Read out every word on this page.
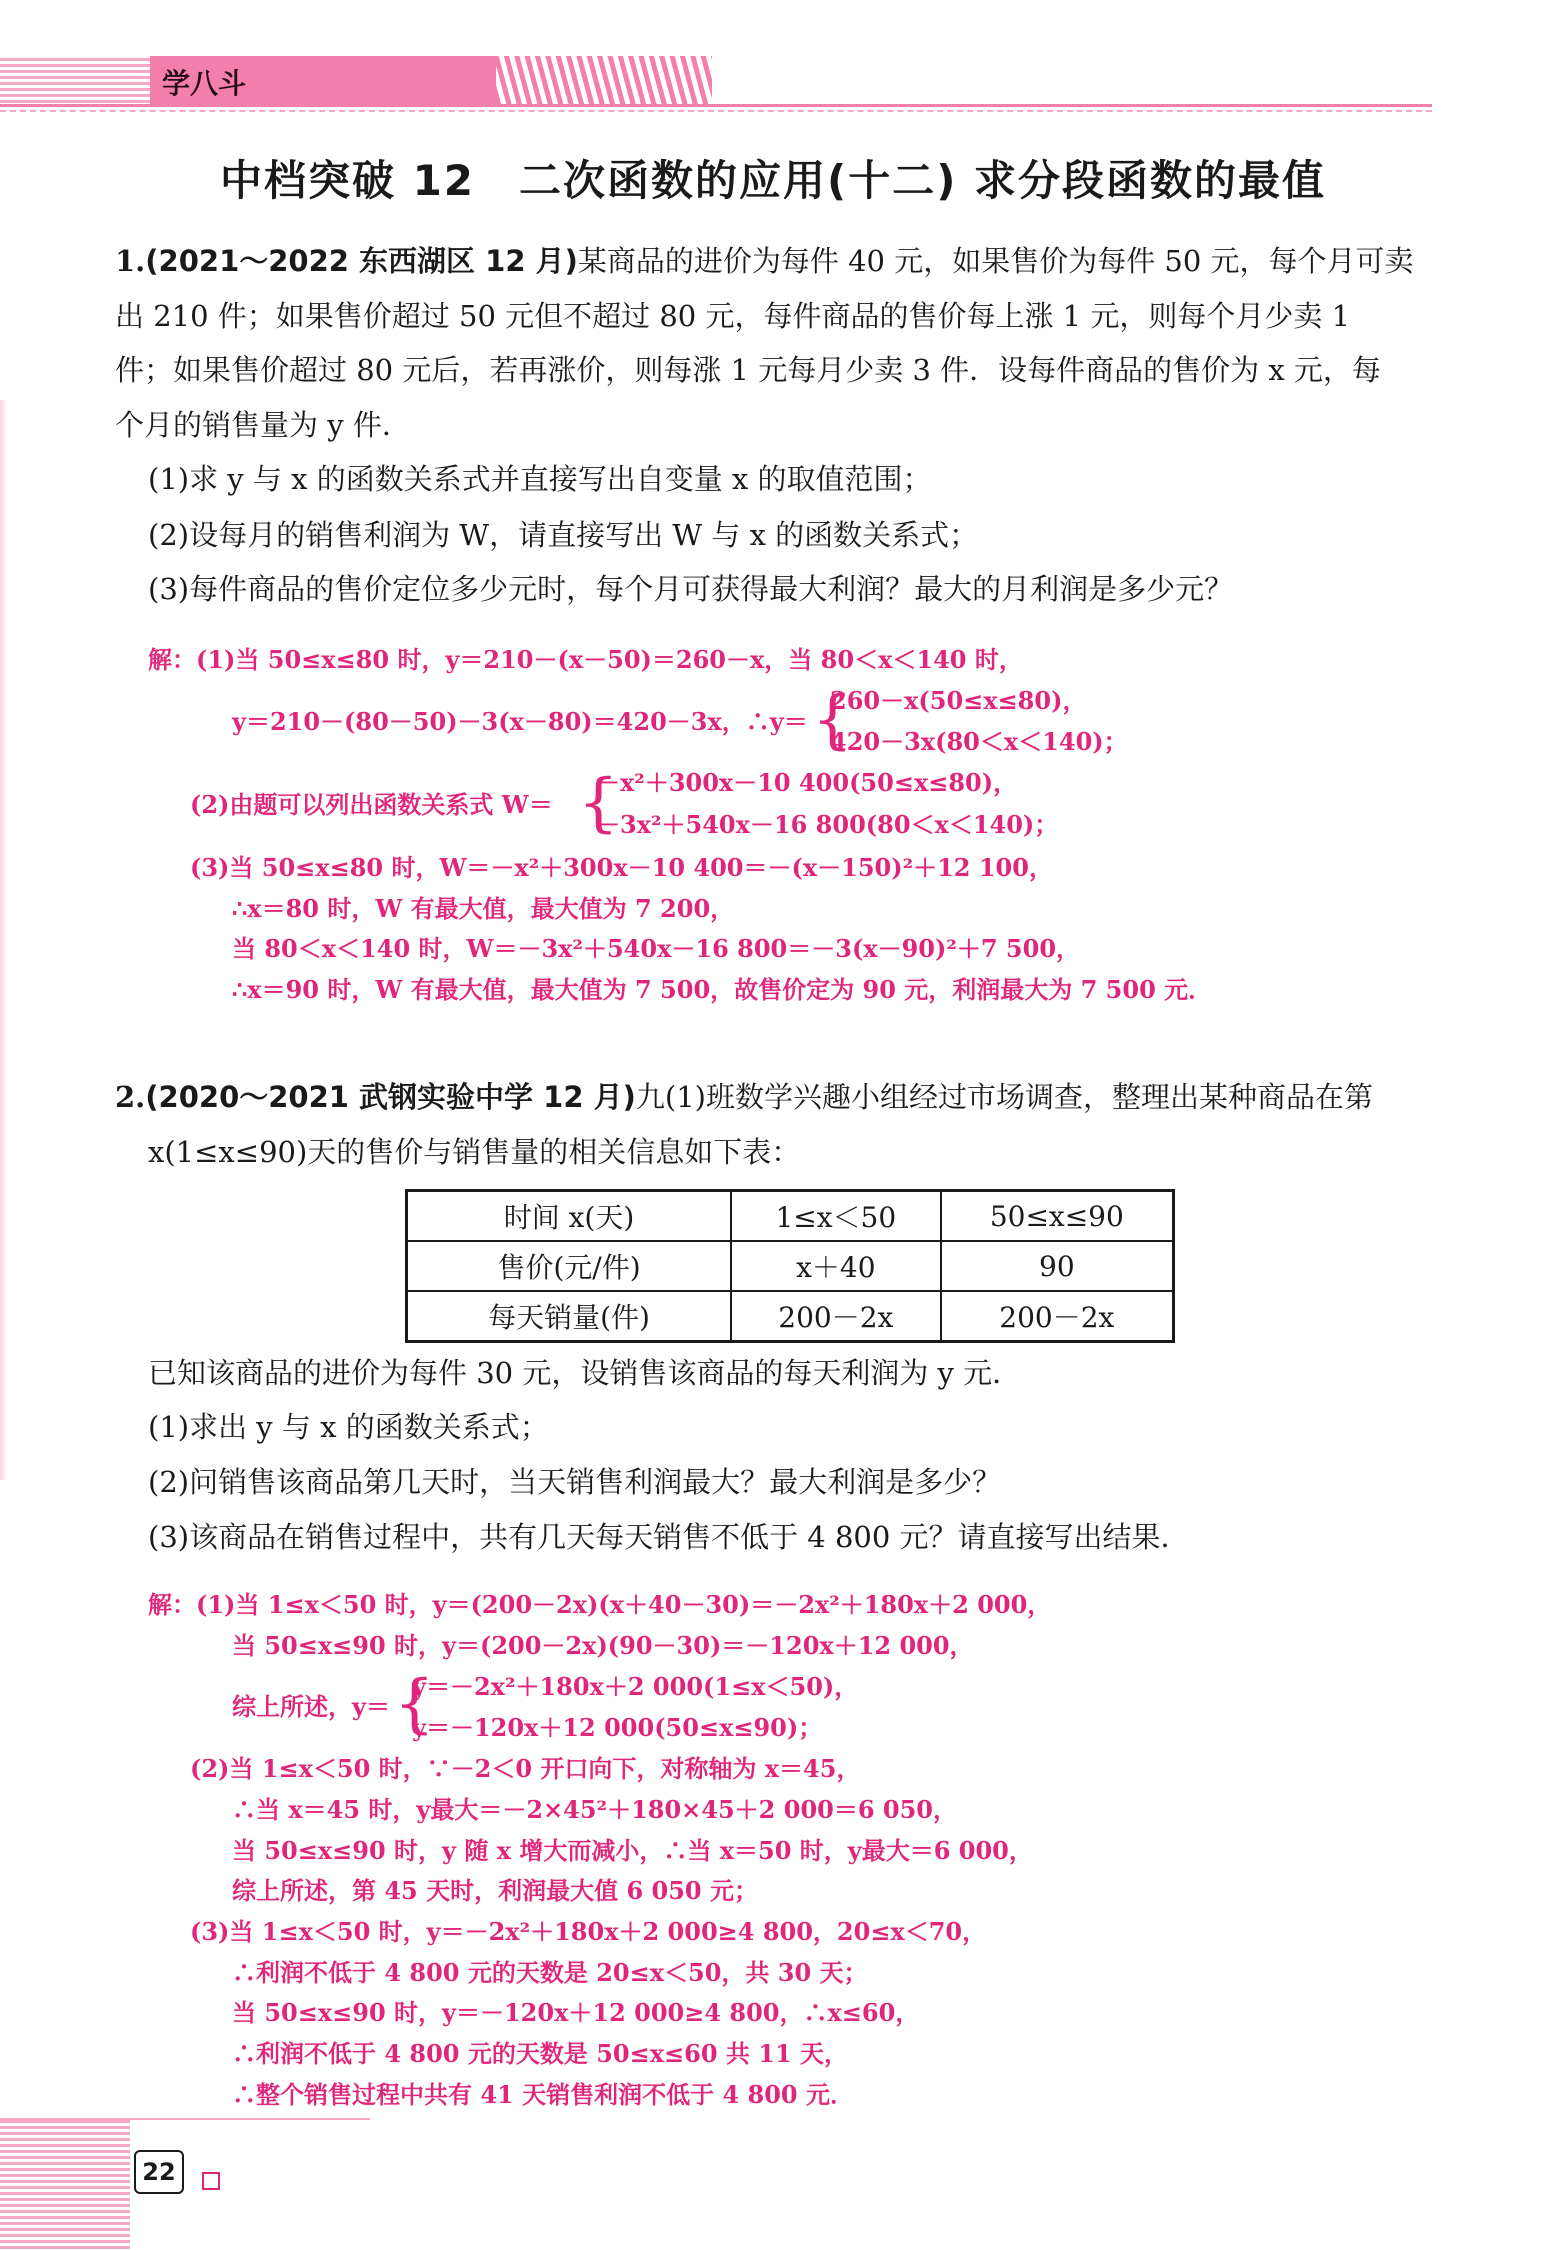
学八斗
中档突破 12　二次函数的应用(十二) 求分段函数的最值
1.(2021～2022 东西湖区 12 月)某商品的进价为每件 40 元，如果售价为每件 50 元，每个月可卖
出 210 件；如果售价超过 50 元但不超过 80 元，每件商品的售价每上涨 1 元，则每个月少卖 1
件；如果售价超过 80 元后，若再涨价，则每涨 1 元每月少卖 3 件．设每件商品的售价为 x 元，每
个月的销售量为 y 件．
(1)求 y 与 x 的函数关系式并直接写出自变量 x 的取值范围；
(2)设每月的销售利润为 W，请直接写出 W 与 x 的函数关系式；
(3)每件商品的售价定位多少元时，每个月可获得最大利润？最大的月利润是多少元？
解：(1)当 50≤x≤80 时，y＝210－(x－50)＝260－x，当 80＜x＜140 时，
y＝210－(80－50)－3(x－80)＝420－3x，∴y＝ {
260－x(50≤x≤80)，
420－3x(80＜x＜140)；
(2)由题可以列出函数关系式 W＝ {
－x²＋300x－10 400(50≤x≤80)，
－3x²＋540x－16 800(80＜x＜140)；
(3)当 50≤x≤80 时，W＝－x²＋300x－10 400＝－(x－150)²＋12 100，
∴x＝80 时，W 有最大值，最大值为 7 200，
当 80＜x＜140 时，W＝－3x²＋540x－16 800＝－3(x－90)²＋7 500，
∴x＝90 时，W 有最大值，最大值为 7 500，故售价定为 90 元，利润最大为 7 500 元．
2.(2020～2021 武钢实验中学 12 月)九(1)班数学兴趣小组经过市场调查，整理出某种商品在第
x(1≤x≤90)天的售价与销售量的相关信息如下表：
时间 x(天)	1≤x＜50	50≤x≤90
售价(元/件)	x＋40	90
每天销量(件)	200－2x	200－2x
已知该商品的进价为每件 30 元，设销售该商品的每天利润为 y 元．
(1)求出 y 与 x 的函数关系式；
(2)问销售该商品第几天时，当天销售利润最大？最大利润是多少？
(3)该商品在销售过程中，共有几天每天销售不低于 4 800 元？请直接写出结果．
解：(1)当 1≤x＜50 时，y＝(200－2x)(x＋40－30)＝－2x²＋180x＋2 000，
当 50≤x≤90 时，y＝(200－2x)(90－30)＝－120x＋12 000，
综上所述，y＝ {
y＝－2x²＋180x＋2 000(1≤x＜50)，
y＝－120x＋12 000(50≤x≤90)；
(2)当 1≤x＜50 时，∵－2＜0 开口向下，对称轴为 x＝45，
∴当 x＝45 时，y最大＝－2×45²＋180×45＋2 000＝6 050，
当 50≤x≤90 时，y 随 x 增大而减小，∴当 x＝50 时，y最大＝6 000，
综上所述，第 45 天时，利润最大值 6 050 元；
(3)当 1≤x＜50 时，y＝－2x²＋180x＋2 000≥4 800，20≤x＜70，
∴利润不低于 4 800 元的天数是 20≤x＜50，共 30 天；
当 50≤x≤90 时，y＝－120x＋12 000≥4 800，∴x≤60，
∴利润不低于 4 800 元的天数是 50≤x≤60 共 11 天，
∴整个销售过程中共有 41 天销售利润不低于 4 800 元．
22
